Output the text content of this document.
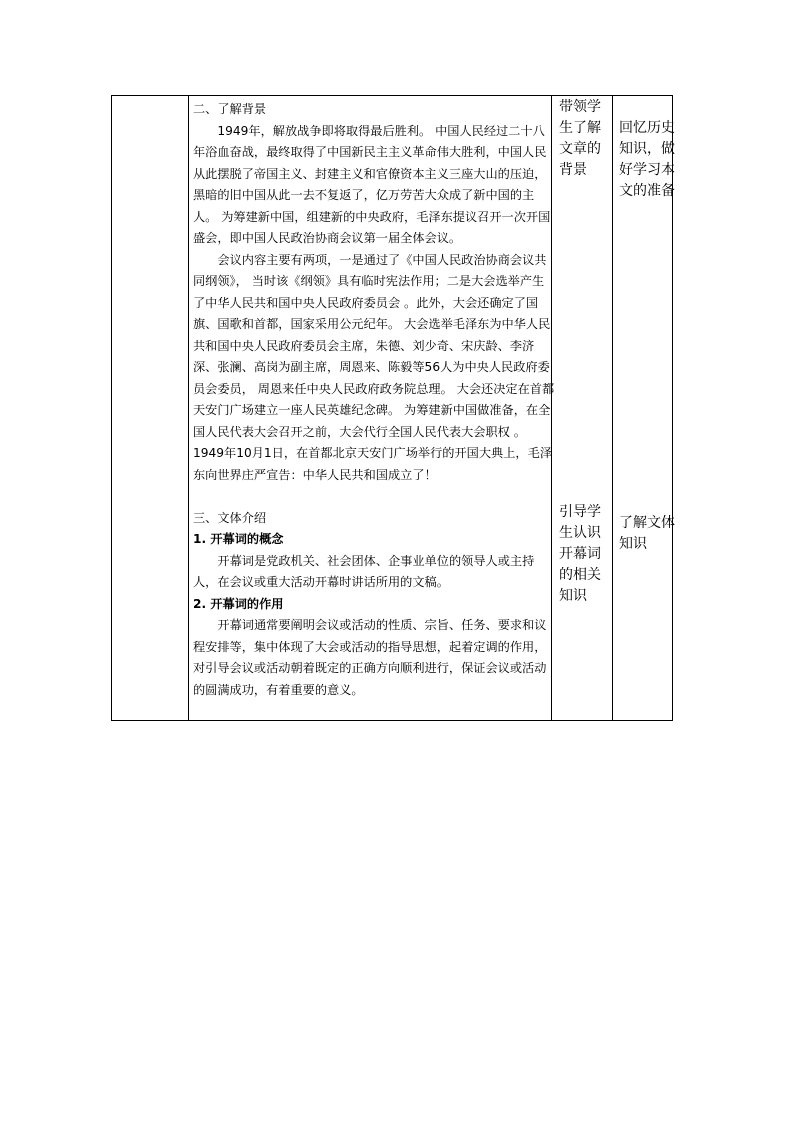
二、了解背景

1949年，解放战争即将取得最后胜利。 中国人民经过二十八年浴血奋战，最终取得了中国新民主主义革命伟大胜利，中国人民从此摆脱了帝国主义、封建主义和官僚资本主义三座大山的压迫， 黑暗的旧中国从此一去不复返了，亿万劳苦大众成了新中国的主人。 为筹建新中国，组建新的中央政府，毛泽东提议召开一次开国盛会，即中国人民政治协商会议第一届全体会议。

会议内容主要有两项，一是通过了《中国人民政治协商会议共同纲领》， 当时该《纲领》具有临时宪法作用；二是大会选举产生了中华人民共和国中央人民政府委员会 。此外，大会还确定了国旗、国歌和首都，国家采用公元纪年。 大会选举毛泽东为中华人民共和国中央人民政府委员会主席，朱德、刘少奇、宋庆龄、李济深、张澜、高岗为副主席，周恩来、陈毅等56人为中央人民政府委员会委员， 周恩来任中央人民政府政务院总理。 大会还决定在首都天安门广场建立一座人民英雄纪念碑。 为筹建新中国做准备，在全国人民代表大会召开之前，大会代行全国人民代表大会职权 。1949年10月1日，在首都北京天安门广场举行的开国大典上，毛泽东向世界庄严宣告：中华人民共和国成立了！

三、文体介绍

1. 开幕词的概念

开幕词是党政机关、社会团体、企事业单位的领导人或主持人，在会议或重大活动开幕时讲话所用的文稿。

2. 开幕词的作用

开幕词通常要阐明会议或活动的性质、宗旨、任务、要求和议程安排等，集中体现了大会或活动的指导思想，起着定调的作用，对引导会议或活动朝着既定的正确方向顺利进行，保证会议或活动的圆满成功，有着重要的意义。

带领学生了解文章的背景
回忆历史知识，做好学习本文的准备
引导学生认识开幕词的相关知识
了解文体知识
